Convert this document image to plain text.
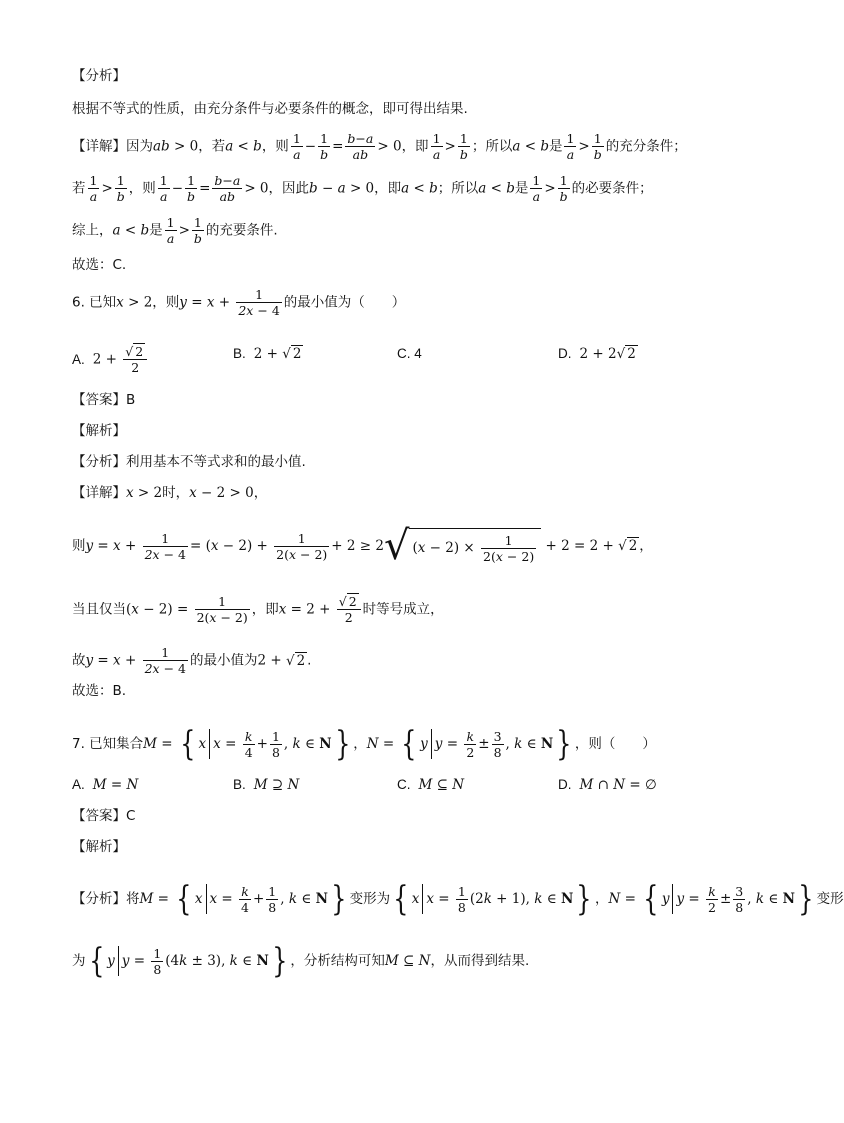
【分析】
根据不等式的性质，由充分条件与必要条件的概念，即可得出结果.
【详解】因为ab > 0，若a < b，则 $\frac{1}{a} - \frac{1}{b} = \frac{b-a}{ab} > 0$，即 $\frac{1}{a} > \frac{1}{b}$ ；所以a < b是 $\frac{1}{a} > \frac{1}{b}$ 的充分条件；
若 $\frac{1}{a} > \frac{1}{b}$ ，则 $\frac{1}{a} - \frac{1}{b} = \frac{b-a}{ab} > 0$，因此b − a > 0，即a < b；所以a < b是 $\frac{1}{a} > \frac{1}{b}$ 的必要条件；
综上，a < b是 $\frac{1}{a} > \frac{1}{b}$ 的充要条件.
故选：C.
6. 已知x > 2，则$y = x + \frac{1}{2x - 4}$ 的最小值为（　　）
A. $2 + \frac{√ 2}{2}$	B. 2 + √ 2	C. 4	D. 2 + 2√ 2
【答案】B
【解析】
【分析】利用基本不等式求和的最小值.
【详解】x > 2时，x − 2 > 0，
则$y = x + \frac{1}{2x - 4} = (x - 2) + \frac{1}{2(x - 2)} + 2 \ge 2√$ $(x - 2) \times \frac{1}{2(x - 2)} + 2 = 2$ + √ 2 ，
当且仅当$(x - 2) = \frac{1}{2(x - 2)}$ ，即$x = 2 + \frac{√ 2}{2}$ 时等号成立，
故$y = x + \frac{1}{2x - 4}$ 的最小值为2 + √ 2 .
故选：B.
7. 已知集合M = { x $x = \frac{k}{4} + \frac{1}{8}$ , k ∈ N} ，N = { y $y = \frac{k}{2} \pm \frac{3}{8}$ , k ∈ N} ，则（　　）
A. M = N	B. M ⊇ N	C. M ⊆ N	D. M ∩ N = ∅
【答案】C
【解析】
【分析】将M = { x $x = \frac{k}{4} + \frac{1}{8}$ , k ∈ N} 变形为{ x $x = \frac{1}{8} (2k + 1)$, k ∈ N} ，N = { y $y = \frac{k}{2} \pm \frac{3}{8}$ , k ∈ N} 变形
为{ y $y = \frac{1}{8} (4k \pm 3)$, k ∈ N} ，分析结构可知M ⊆ N，从而得到结果.
